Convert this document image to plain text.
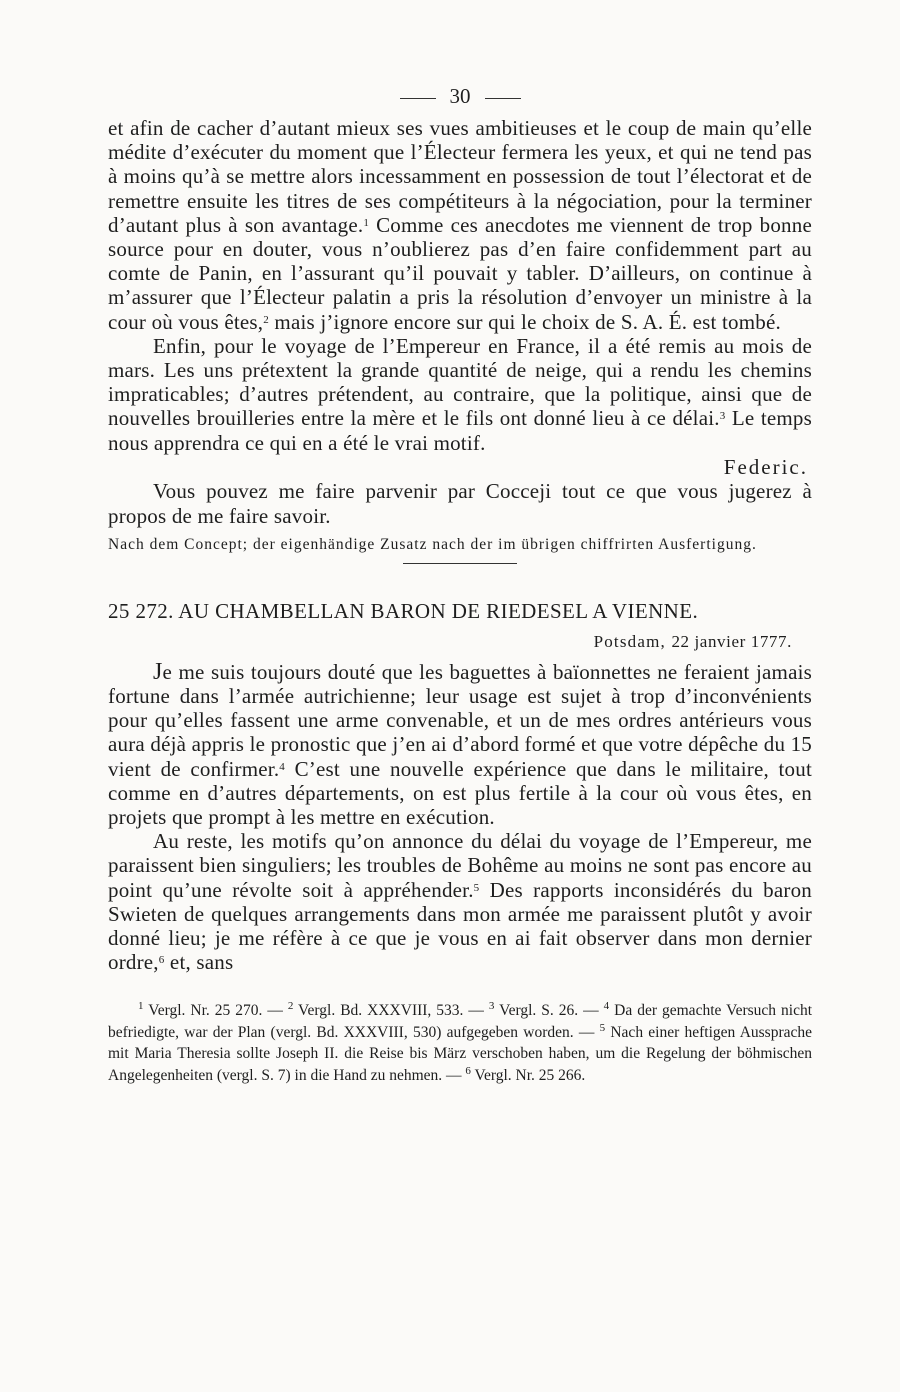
30

et afin de cacher d’autant mieux ses vues ambitieuses et le coup de main qu’elle médite d’exécuter du moment que l’Électeur fermera les yeux, et qui ne tend pas à moins qu’à se mettre alors incessamment en possession de tout l’électorat et de remettre ensuite les titres de ses compétiteurs à la négociation, pour la terminer d’autant plus à son avantage.$^1$ Comme ces anecdotes me viennent de trop bonne source pour en douter, vous n’oublierez pas d’en faire confidemment part au comte de Panin, en l’assurant qu’il pouvait y tabler. D’ailleurs, on continue à m’assurer que l’Électeur palatin a pris la résolution d’envoyer un ministre à la cour où vous êtes,$^2$ mais j’ignore encore sur qui le choix de S. A. É. est tombé.

Enfin, pour le voyage de l’Empereur en France, il a été remis au mois de mars. Les uns prétextent la grande quantité de neige, qui a rendu les chemins impraticables; d’autres prétendent, au contraire, que la politique, ainsi que de nouvelles brouilleries entre la mère et le fils ont donné lieu à ce délai.$^3$ Le temps nous apprendra ce qui en a été le vrai motif.

Federic.

Vous pouvez me faire parvenir par Cocceji tout ce que vous jugerez à propos de me faire savoir.

Nach dem Concept; der eigenhändige Zusatz nach der im übrigen chiffrirten Ausfertigung.

25 272. AU CHAMBELLAN BARON DE RIEDESEL A VIENNE.

Potsdam, 22 janvier 1777.

Je me suis toujours douté que les baguettes à baïonnettes ne feraient jamais fortune dans l’armée autrichienne; leur usage est sujet à trop d’inconvénients pour qu’elles fassent une arme convenable, et un de mes ordres antérieurs vous aura déjà appris le pronostic que j’en ai d’abord formé et que votre dépêche du 15 vient de confirmer.$^4$ C’est une nouvelle expérience que dans le militaire, tout comme en d’autres départements, on est plus fertile à la cour où vous êtes, en projets que prompt à les mettre en exécution.

Au reste, les motifs qu’on annonce du délai du voyage de l’Empereur, me paraissent bien singuliers; les troubles de Bohême au moins ne sont pas encore au point qu’une révolte soit à appréhender.$^5$ Des rapports inconsidérés du baron Swieten de quelques arrangements dans mon armée me paraissent plutôt y avoir donné lieu; je me réfère à ce que je vous en ai fait observer dans mon dernier ordre,$^6$ et, sans

$^1$ Vergl. Nr. 25 270. — $^2$ Vergl. Bd. XXXVIII, 533. — $^3$ Vergl. S. 26. — $^4$ Da der gemachte Versuch nicht befriedigte, war der Plan (vergl. Bd. XXXVIII, 530) aufgegeben worden. — $^5$ Nach einer heftigen Aussprache mit Maria Theresia sollte Joseph II. die Reise bis März verschoben haben, um die Regelung der böhmischen Angelegenheiten (vergl. S. 7) in die Hand zu nehmen. — $^6$ Vergl. Nr. 25 266.
